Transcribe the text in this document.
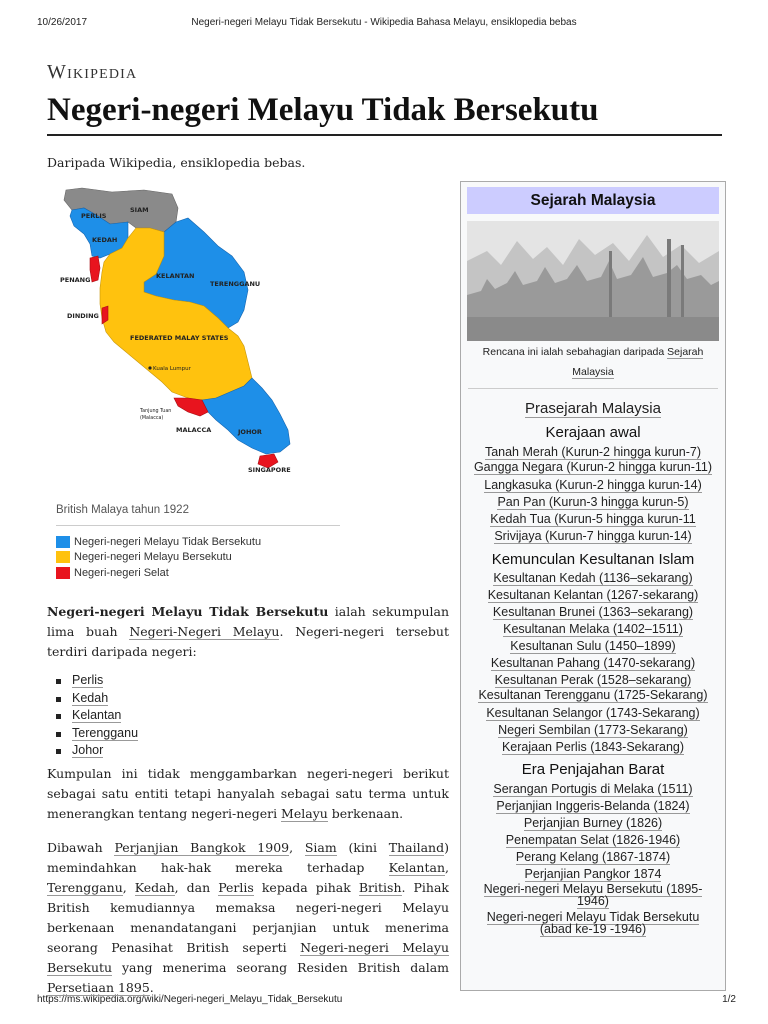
10/26/2017	Negeri-negeri Melayu Tidak Bersekutu - Wikipedia Bahasa Melayu, ensiklopedia bebas
https://ms.wikipedia.org/wiki/Negeri-negeri_Melayu_Tidak_Bersekutu	1/2
Wikipedia
Negeri-negeri Melayu Tidak Bersekutu
Daripada Wikipedia, ensiklopedia bebas.
SIAM
PERLIS
KEDAH
PENANG	KELANTAN
TERENGGANU
DINDING
FEDERATED MALAY STATES
Kuala Lumpur
Tanjung Tuan
(Malacca)
MALACCA	JOHOR
SINGAPORE
British Malaya tahun 1922
Negeri-negeri Melayu Tidak Bersekutu
Negeri-negeri Melayu Bersekutu
Negeri-negeri Selat

Negeri-negeri Melayu Tidak Bersekutu ialah sekumpulan lima buah Negeri-Negeri Melayu. Negeri-negeri tersebut terdiri daripada negeri:

Perlis
Kedah
Kelantan
Terengganu
Johor

Kumpulan ini tidak menggambarkan negeri-negeri berikut sebagai satu entiti tetapi hanyalah sebagai satu terma untuk menerangkan tentang negeri-negeri Melayu berkenaan.

Dibawah Perjanjian Bangkok 1909, Siam (kini Thailand) memindahkan hak-hak mereka terhadap Kelantan, Terengganu, Kedah, dan Perlis kepada pihak British. Pihak British kemudiannya memaksa negeri-negeri Melayu berkenaan menandatangani perjanjian untuk menerima seorang Penasihat British seperti Negeri-negeri Melayu Bersekutu yang menerima seorang Residen British dalam Persetiaan 1895.

Sejarah Malaysia
Rencana ini ialah sebahagian daripada Sejarah Malaysia
Prasejarah Malaysia
Kerajaan awal
Tanah Merah (Kurun-2 hingga kurun-7)
Gangga Negara (Kurun-2 hingga kurun-11)
Langkasuka (Kurun-2 hingga kurun-14)
Pan Pan (Kurun-3 hingga kurun-5)
Kedah Tua (Kurun-5 hingga kurun-11
Srivijaya (Kurun-7 hingga kurun-14)
Kemunculan Kesultanan Islam
Kesultanan Kedah (1136–sekarang)
Kesultanan Kelantan (1267-sekarang)
Kesultanan Brunei (1363–sekarang)
Kesultanan Melaka (1402–1511)
Kesultanan Sulu (1450–1899)
Kesultanan Pahang (1470-sekarang)
Kesultanan Perak (1528–sekarang)
Kesultanan Terengganu (1725-Sekarang)
Kesultanan Selangor (1743-Sekarang)
Negeri Sembilan (1773-Sekarang)
Kerajaan Perlis (1843-Sekarang)
Era Penjajahan Barat
Serangan Portugis di Melaka (1511)
Perjanjian Inggeris-Belanda (1824)
Perjanjian Burney (1826)
Penempatan Selat (1826-1946)
Perang Kelang (1867-1874)
Perjanjian Pangkor 1874
Negeri-negeri Melayu Bersekutu (1895-1946)
Negeri-negeri Melayu Tidak Bersekutu (abad ke-19 -1946)
